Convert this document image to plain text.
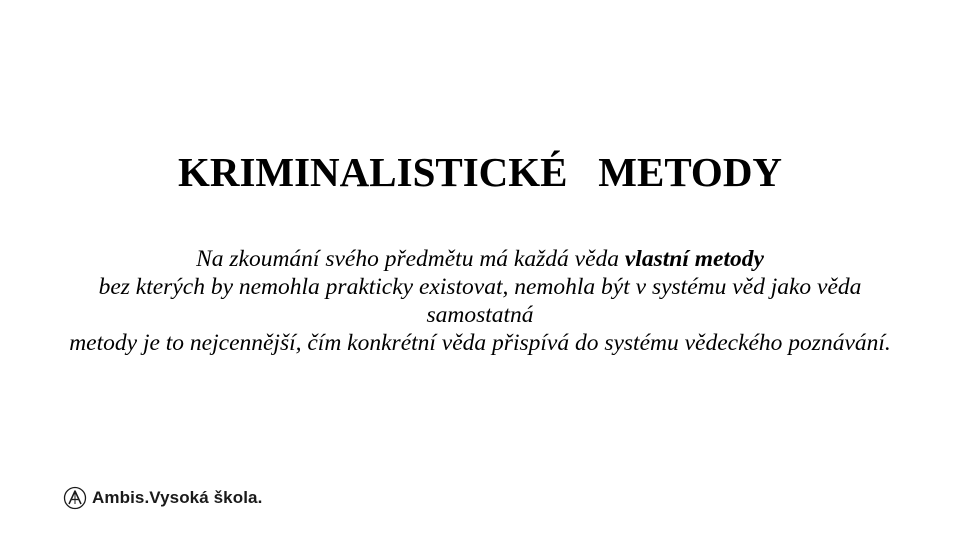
KRIMINALISTICKÉ   METODY

Na zkoumání svého předmětu má každá věda vlastní metody

bez kterých by nemohla prakticky existovat, nemohla být v systému věd jako věda samostatná

metody je to nejcennější, čím konkrétní věda přispívá do systému vědeckého poznávání.

Ambis.Vysoká škola.
